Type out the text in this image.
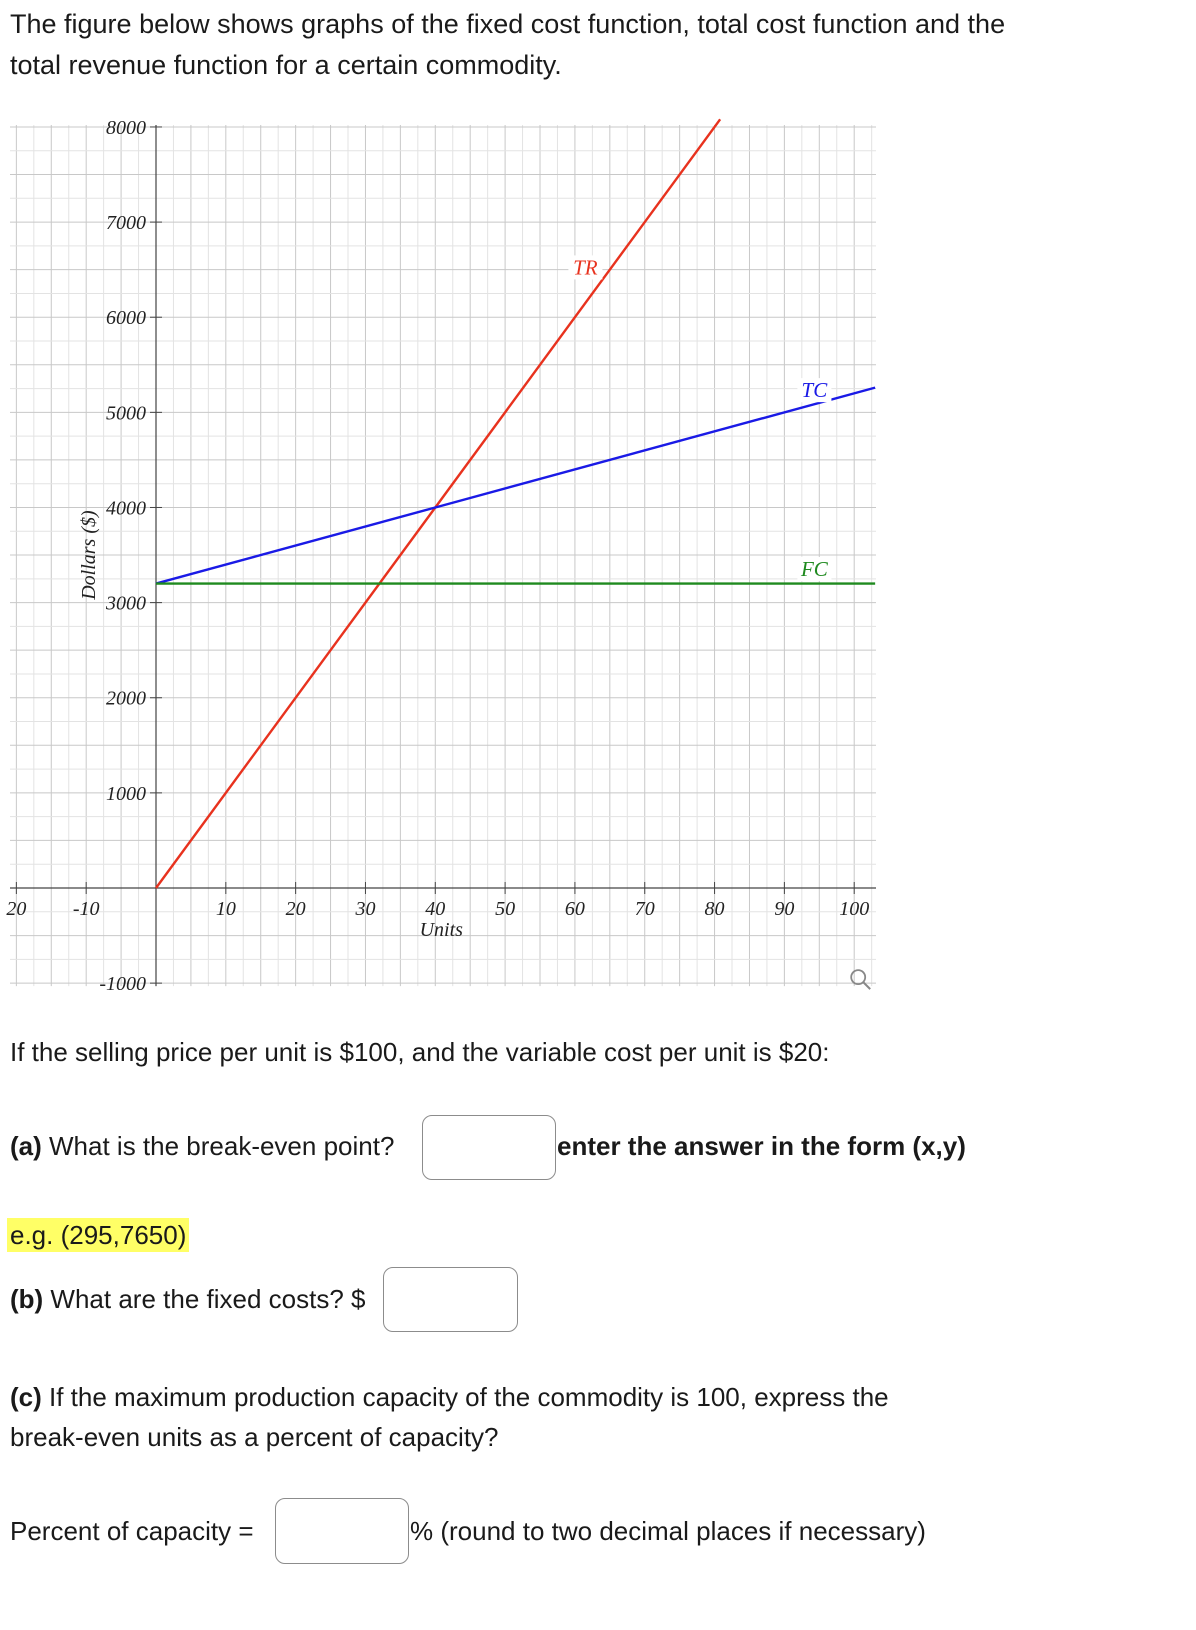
The figure below shows graphs of the fixed cost function, total cost function and the total revenue function for a certain commodity.
8000
7000
6000
5000
4000
3000
2000
1000
-1000
20 -10	10 20 30 40 50 60 70 80 90 100
Units
Dollars ($)
TR
TC
FC
If the selling price per unit is $100, and the variable cost per unit is $20:
(a) What is the break-even point?	enter the answer in the form (x,y)
e.g. (295,7650)
(b) What are the fixed costs? $
(c) If the maximum production capacity of the commodity is 100, express the
break-even units as a percent of capacity?
Percent of capacity =	% (round to two decimal places if necessary)
